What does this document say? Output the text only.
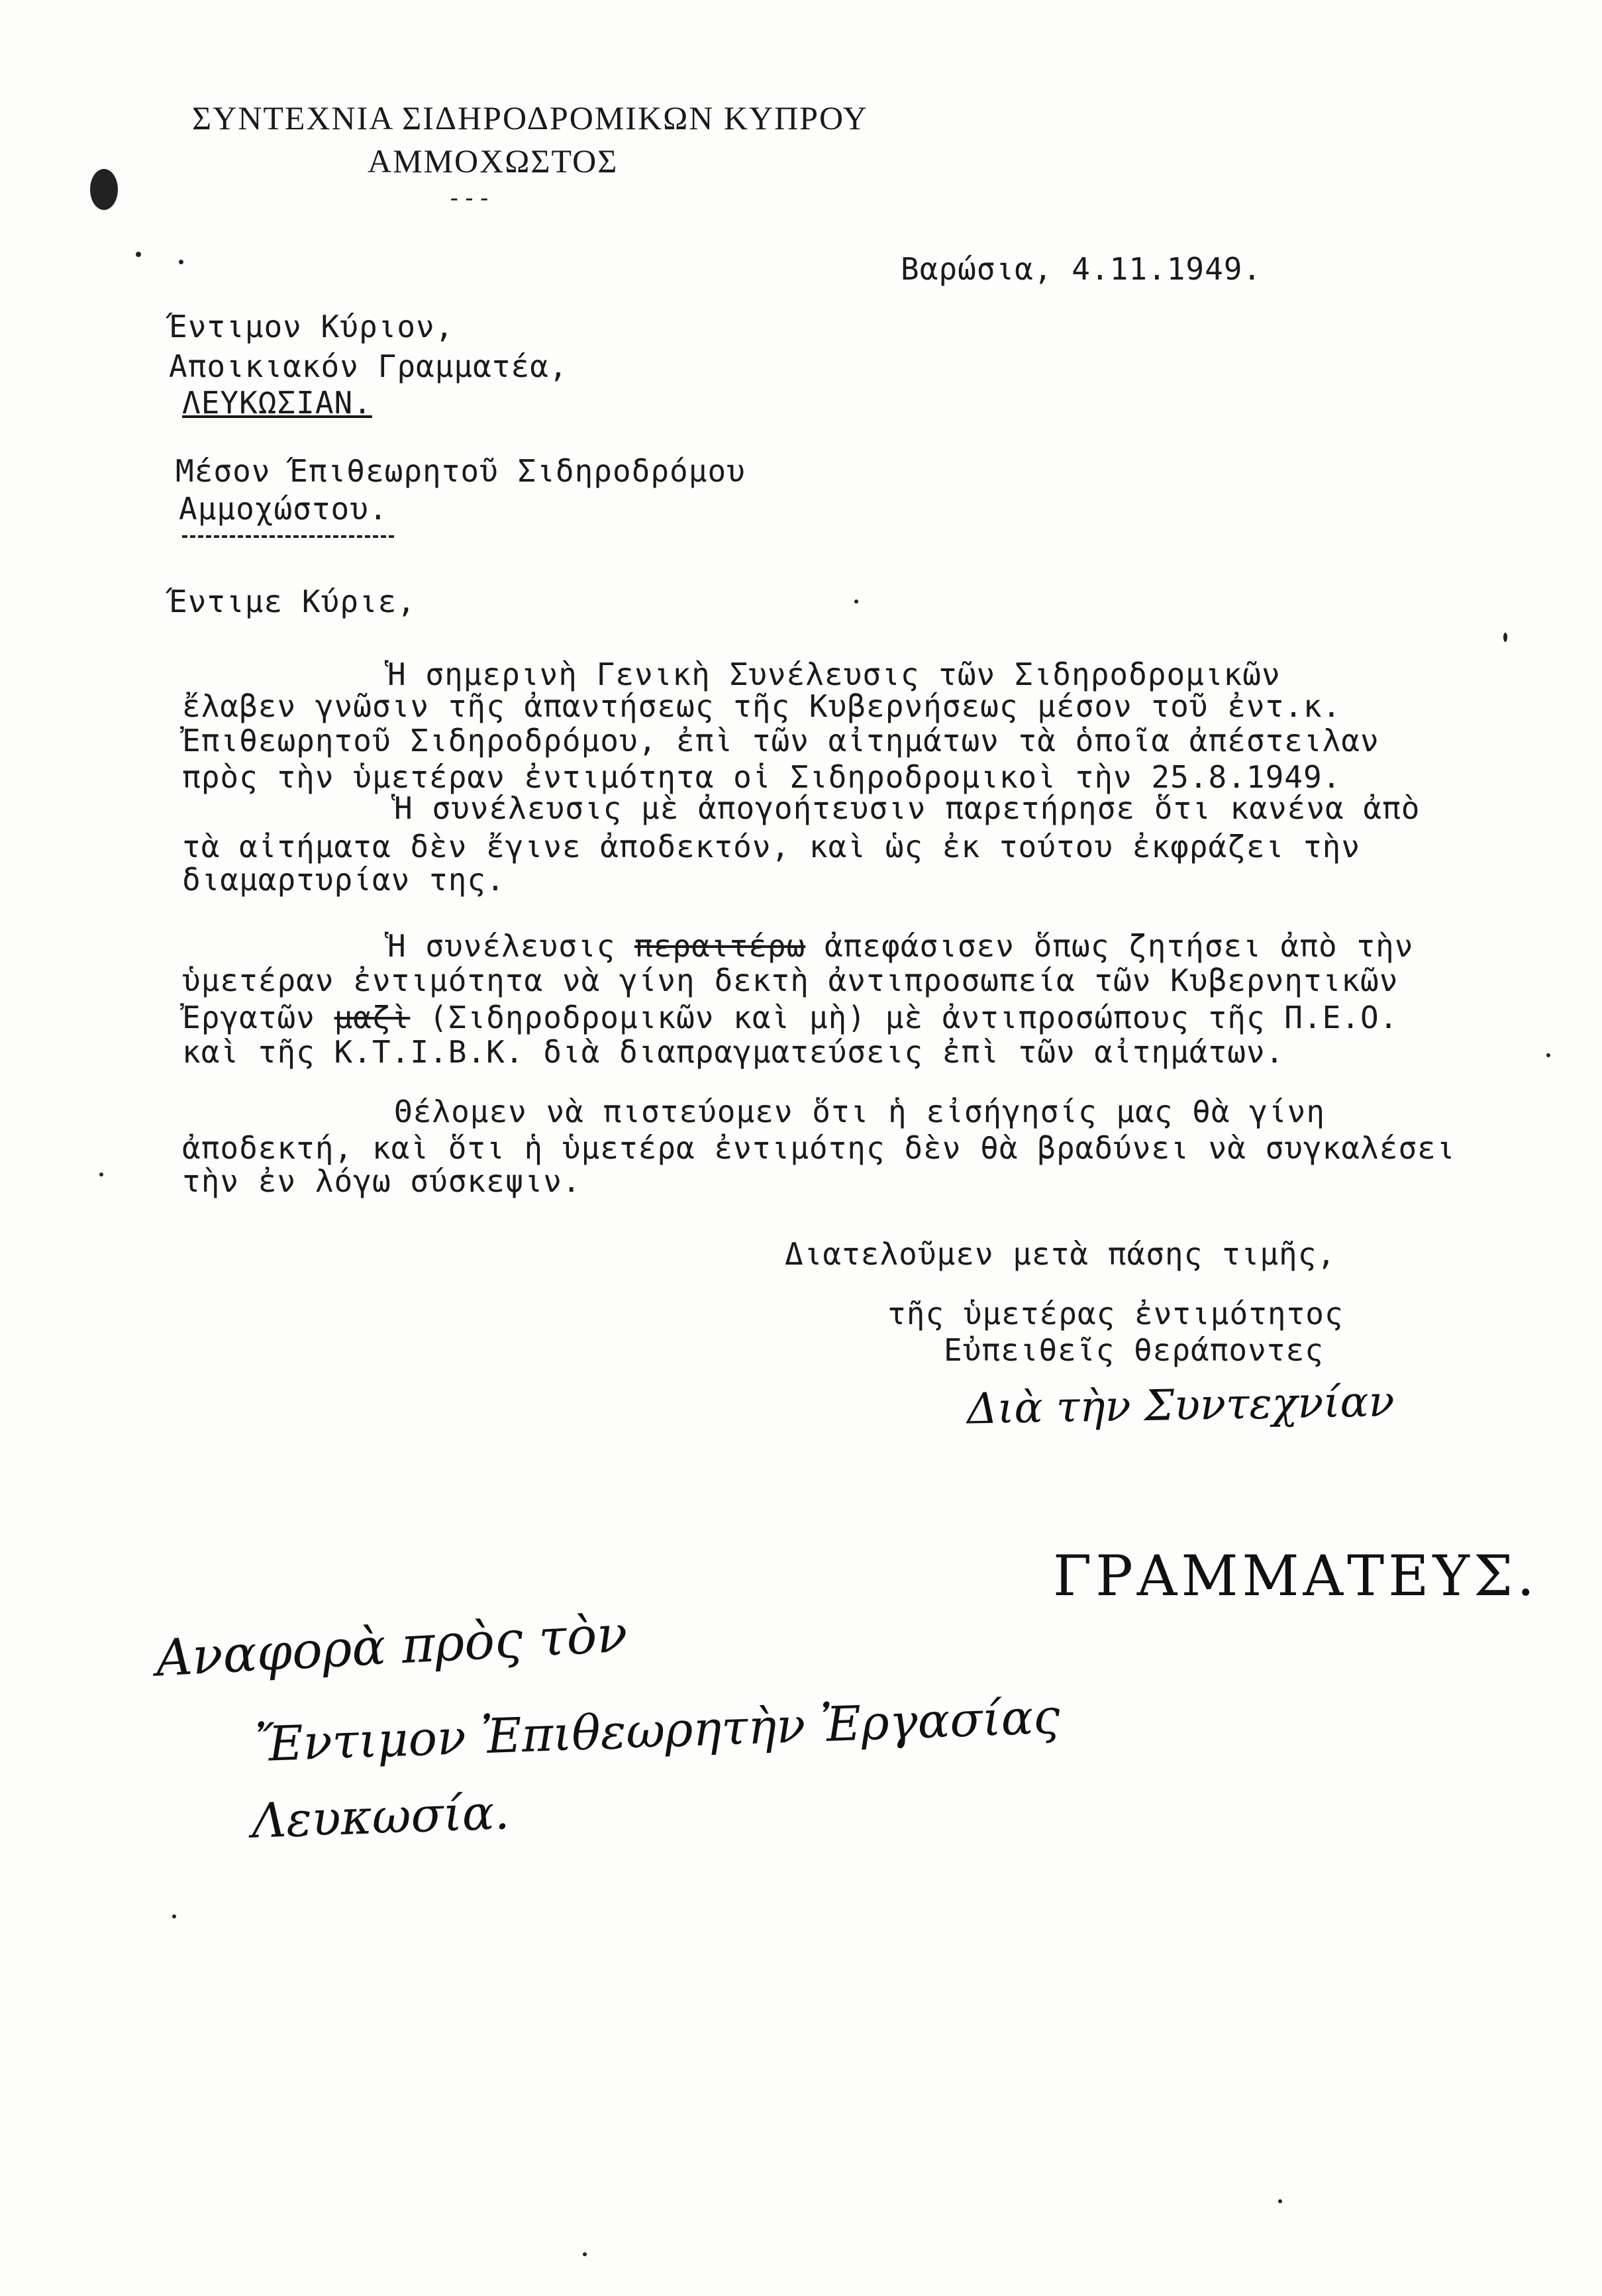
ΣΥΝΤΕΧΝΙΑ ΣΙΔΗΡΟΔΡΟΜΙΚΩΝ ΚΥΠΡΟΥ
ΑΜΜΟΧΩΣΤΟΣ
---
Βαρώσια, 4.11.1949.
Έντιμον Κύριον,
Αποικιακόν Γραμματέα,
ΛΕΥΚΩΣΙΑΝ.
Μέσον Έπιθεωρητοῦ Σιδηροδρόμου
Αμμοχώστου.
Έντιμε Κύριε,
Ἡ σημερινὴ Γενικὴ Συνέλευσις τῶν Σιδηροδρομικῶν
ἔλαβεν γνῶσιν τῆς ἀπαντήσεως τῆς Κυβερνήσεως μέσον τοῦ ἐντ.κ.
Ἐπιθεωρητοῦ Σιδηροδρόμου, ἐπὶ τῶν αἰτημάτων τὰ ὁποῖα ἀπέστειλαν
πρὸς τὴν ὑμετέραν ἐντιμότητα οἱ Σιδηροδρομικοὶ τὴν 25.8.1949.
Ἡ συνέλευσις μὲ ἀπογοήτευσιν παρετήρησε ὅτι κανένα ἀπὸ
τὰ αἰτήματα δὲν ἔγινε ἀποδεκτόν, καὶ ὡς ἐκ τούτου ἐκφράζει τὴν
διαμαρτυρίαν της.
Ἡ συνέλευσις περαιτέρω ἀπεφάσισεν ὅπως ζητήσει ἀπὸ τὴν
ὑμετέραν ἐντιμότητα νὰ γίνη δεκτὴ ἀντιπροσωπεία τῶν Κυβερνητικῶν
Ἐργατῶν μαζὶ (Σιδηροδρομικῶν καὶ μὴ) μὲ ἀντιπροσώπους τῆς Π.Ε.Ο.
καὶ τῆς Κ.Τ.Ι.Β.Κ. διὰ διαπραγματεύσεις ἐπὶ τῶν αἰτημάτων.
Θέλομεν νὰ πιστεύομεν ὅτι ἡ εἰσήγησίς μας θὰ γίνη
ἀποδεκτή, καὶ ὅτι ἡ ὑμετέρα ἐντιμότης δὲν θὰ βραδύνει νὰ συγκαλέσει
τὴν ἐν λόγω σύσκεψιν.
Διατελοῦμεν μετὰ πάσης τιμῆς,
τῆς ὑμετέρας ἐντιμότητος
Εὐπειθεῖς θεράποντες
Διὰ τὴν Συντεχνίαν
ΓΡΑΜΜΑΤΕΥΣ.
Αναφορὰ πρὸς τὸν
Ἔντιμον Ἐπιθεωρητὴν Ἐργασίας
Λευκωσία.
